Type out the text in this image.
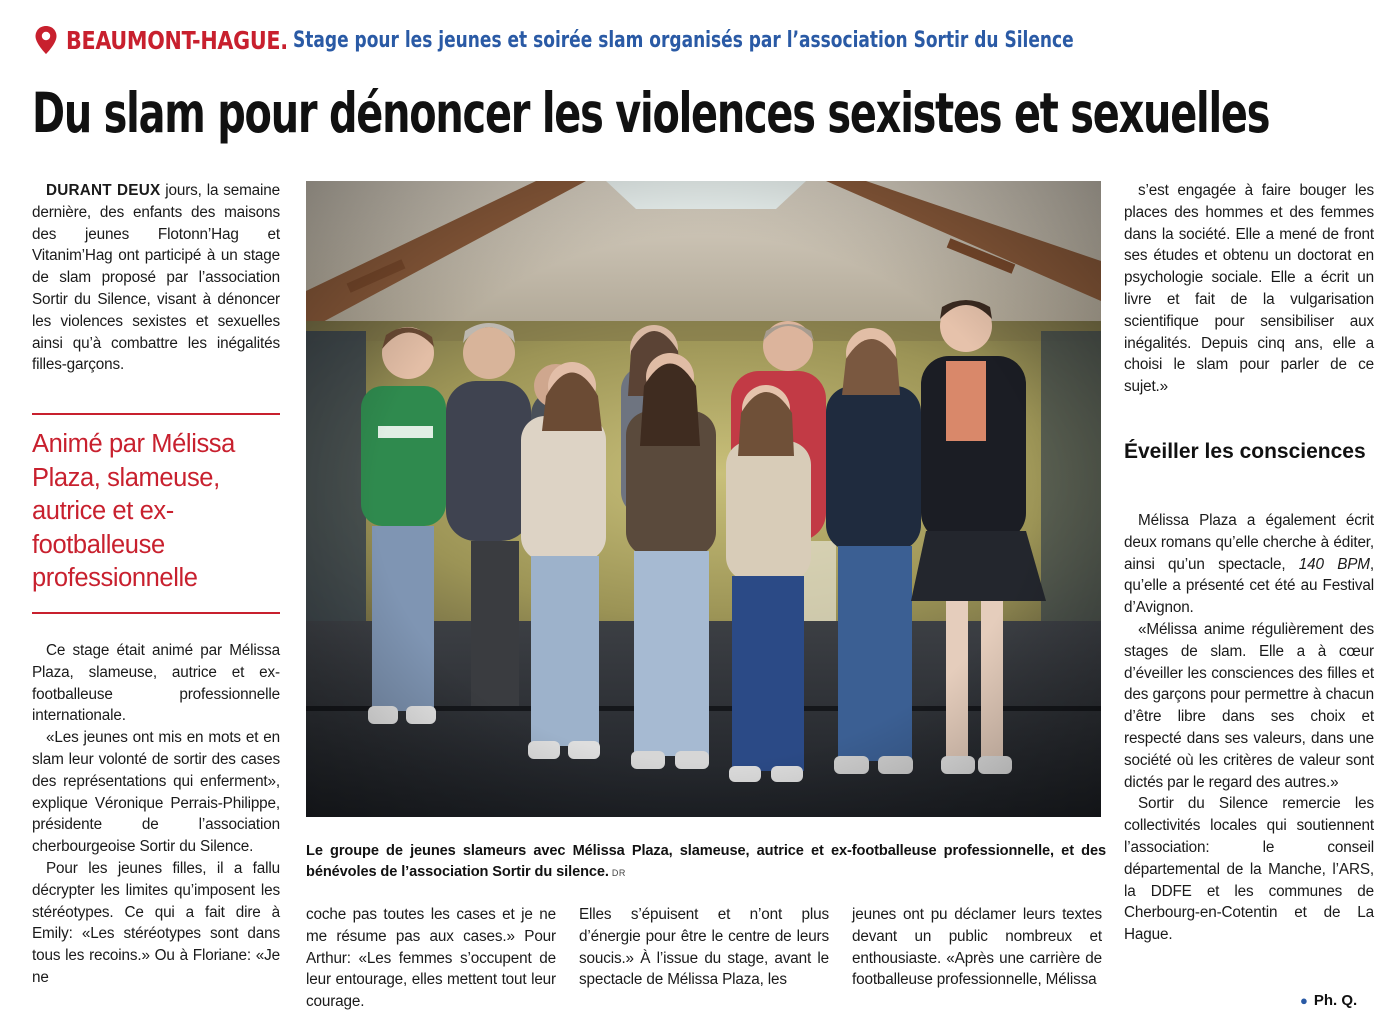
BEAUMONT-HAGUE. Stage pour les jeunes et soirée slam organisés par l’association Sortir du Silence
Du slam pour dénoncer les violences sexistes et sexuelles

DURANT DEUX jours, la semaine dernière, des enfants des maisons des jeunes Flotonn’Hag et Vitanim’Hag ont participé à un stage de slam proposé par l’association Sortir du Silence, visant à dénoncer les violences sexistes et sexuelles ainsi qu’à combattre les inégalités filles-garçons.

Animé par Mélissa Plaza, slameuse, autrice et ex-footballeuse professionnelle

Ce stage était animé par Mélissa Plaza, slameuse, autrice et ex-footballeuse professionnelle internationale.

«Les jeunes ont mis en mots et en slam leur volonté de sortir des cases des représentations qui enferment», explique Véronique Perrais-Philippe, présidente de l’association cherbourgeoise Sortir du Silence.

Pour les jeunes filles, il a fallu décrypter les limites qu’imposent les stéréotypes. Ce qui a fait dire à Emily: «Les stéréotypes sont dans tous les recoins.» Ou à Floriane: «Je ne

Le groupe de jeunes slameurs avec Mélissa Plaza, slameuse, autrice et ex-footballeuse professionnelle, et des bénévoles de l’association Sortir du silence. DR

coche pas toutes les cases et je ne me résume pas aux cases.» Pour Arthur: «Les femmes s’occupent de leur entourage, elles mettent tout leur courage.

Elles s’épuisent et n’ont plus d’énergie pour être le centre de leurs soucis.» À l’issue du stage, avant le spectacle de Mélissa Plaza, les

jeunes ont pu déclamer leurs textes devant un public nombreux et enthousiaste. «Après une carrière de footballeuse professionnelle, Mélissa

s’est engagée à faire bouger les places des hommes et des femmes dans la société. Elle a mené de front ses études et obtenu un doctorat en psychologie sociale. Elle a écrit un livre et fait de la vulgarisation scientifique pour sensibiliser aux inégalités. Depuis cinq ans, elle a choisi le slam pour parler de ce sujet.»

Éveiller les consciences

Mélissa Plaza a également écrit deux romans qu’elle cherche à éditer, ainsi qu’un spectacle, 140 BPM, qu’elle a présenté cet été au Festival d’Avignon.

«Mélissa anime régulièrement des stages de slam. Elle a à cœur d’éveiller les consciences des filles et des garçons pour permettre à chacun d’être libre dans ses choix et respecté dans ses valeurs, dans une société où les critères de valeur sont dictés par le regard des autres.»

Sortir du Silence remercie les collectivités locales qui soutiennent l’association: le conseil départemental de la Manche, l’ARS, la DDFE et les communes de Cherbourg-en-Cotentin et de La Hague.

● Ph. Q.
